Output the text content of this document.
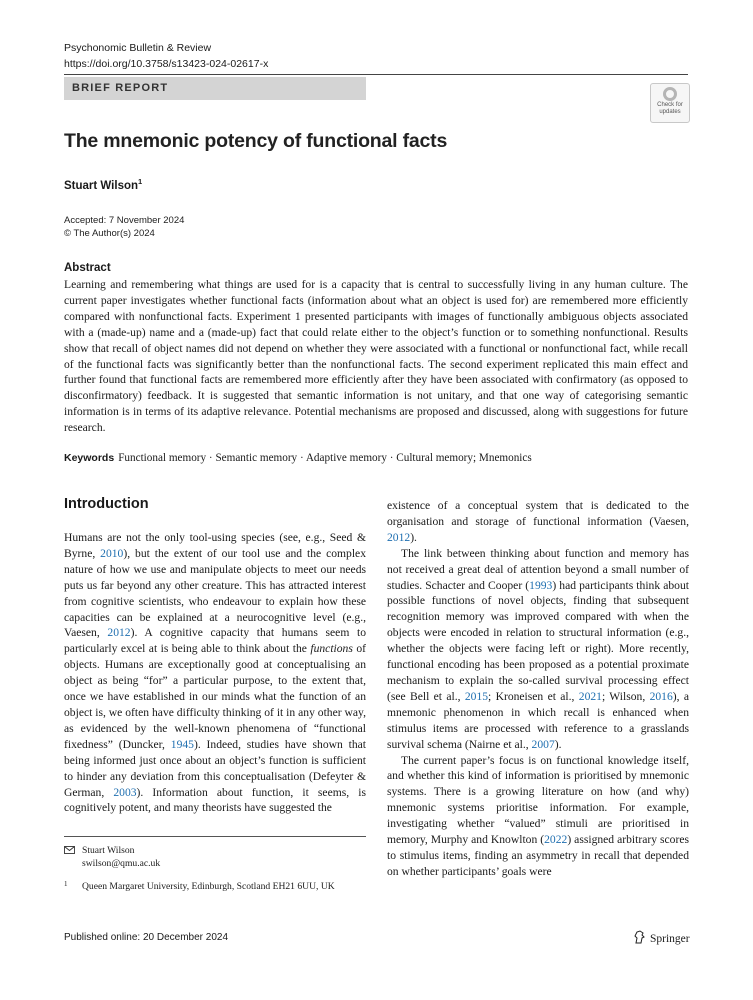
Psychonomic Bulletin & Review
https://doi.org/10.3758/s13423-024-02617-x
BRIEF REPORT
Check for
updates
The mnemonic potency of functional facts
Stuart Wilson$^1$
Accepted: 7 November 2024
© The Author(s) 2024
Abstract

Learning and remembering what things are used for is a capacity that is central to successfully living in any human culture. The current paper investigates whether functional facts (information about what an object is used for) are remembered more efficiently compared with nonfunctional facts. Experiment 1 presented participants with images of functionally ambiguous objects associated with a (made-up) name and a (made-up) fact that could relate either to the object’s function or to something nonfunctional. Results show that recall of object names did not depend on whether they were associated with a functional or nonfunctional fact, while recall of the functional facts was significantly better than the nonfunctional facts. The second experiment replicated this main effect and further found that functional facts are remembered more efficiently after they have been associated with confirmatory (as opposed to disconfirmatory) feedback. It is suggested that semantic information is not unitary, and that one way of categorising semantic information is in terms of its adaptive relevance. Potential mechanisms are proposed and discussed, along with suggestions for future research.

Keywords Functional memory · Semantic memory · Adaptive memory · Cultural memory; Mnemonics
Introduction

Humans are not the only tool-using species (see, e.g., Seed & Byrne, 2010), but the extent of our tool use and the complex nature of how we use and manipulate objects to meet our needs puts us far beyond any other creature. This has attracted interest from cognitive scientists, who endeavour to explain how these capacities can be explained at a neurocognitive level (e.g., Vaesen, 2012). A cognitive capacity that humans seem to particularly excel at is being able to think about the functions of objects. Humans are exceptionally good at conceptualising an object as being “for” a particular purpose, to the extent that, once we have established in our minds what the function of an object is, we often have difficulty thinking of it in any other way, as evidenced by the well-known phenomena of “functional fixedness” (Duncker, 1945). Indeed, studies have shown that being informed just once about an object’s function is sufficient to hinder any deviation from this conceptualisation (Defeyter & German, 2003). Information about function, it seems, is cognitively potent, and many theorists have suggested the

existence of a conceptual system that is dedicated to the organisation and storage of functional information (Vaesen, 2012).

The link between thinking about function and memory has not received a great deal of attention beyond a small number of studies. Schacter and Cooper (1993) had participants think about possible functions of novel objects, finding that subsequent recognition memory was improved compared with when the objects were encoded in relation to structural information (e.g., whether the objects were facing left or right). More recently, functional encoding has been proposed as a potential proximate mechanism to explain the so-called survival processing effect (see Bell et al., 2015; Kroneisen et al., 2021; Wilson, 2016), a mnemonic phenomenon in which recall is enhanced when stimulus items are processed with reference to a grasslands survival schema (Nairne et al., 2007).

The current paper’s focus is on functional knowledge itself, and whether this kind of information is prioritised by mnemonic systems. There is a growing literature on how (and why) mnemonic systems prioritise information. For example, investigating whether “valued” stimuli are prioritised in memory, Murphy and Knowlton (2022) assigned arbitrary scores to stimulus items, finding an asymmetry in recall that depended on whether participants’ goals were

Stuart Wilson
swilson@qmu.ac.uk
1 Queen Margaret University, Edinburgh, Scotland EH21 6UU, UK
Published online: 20 December 2024	Springer
